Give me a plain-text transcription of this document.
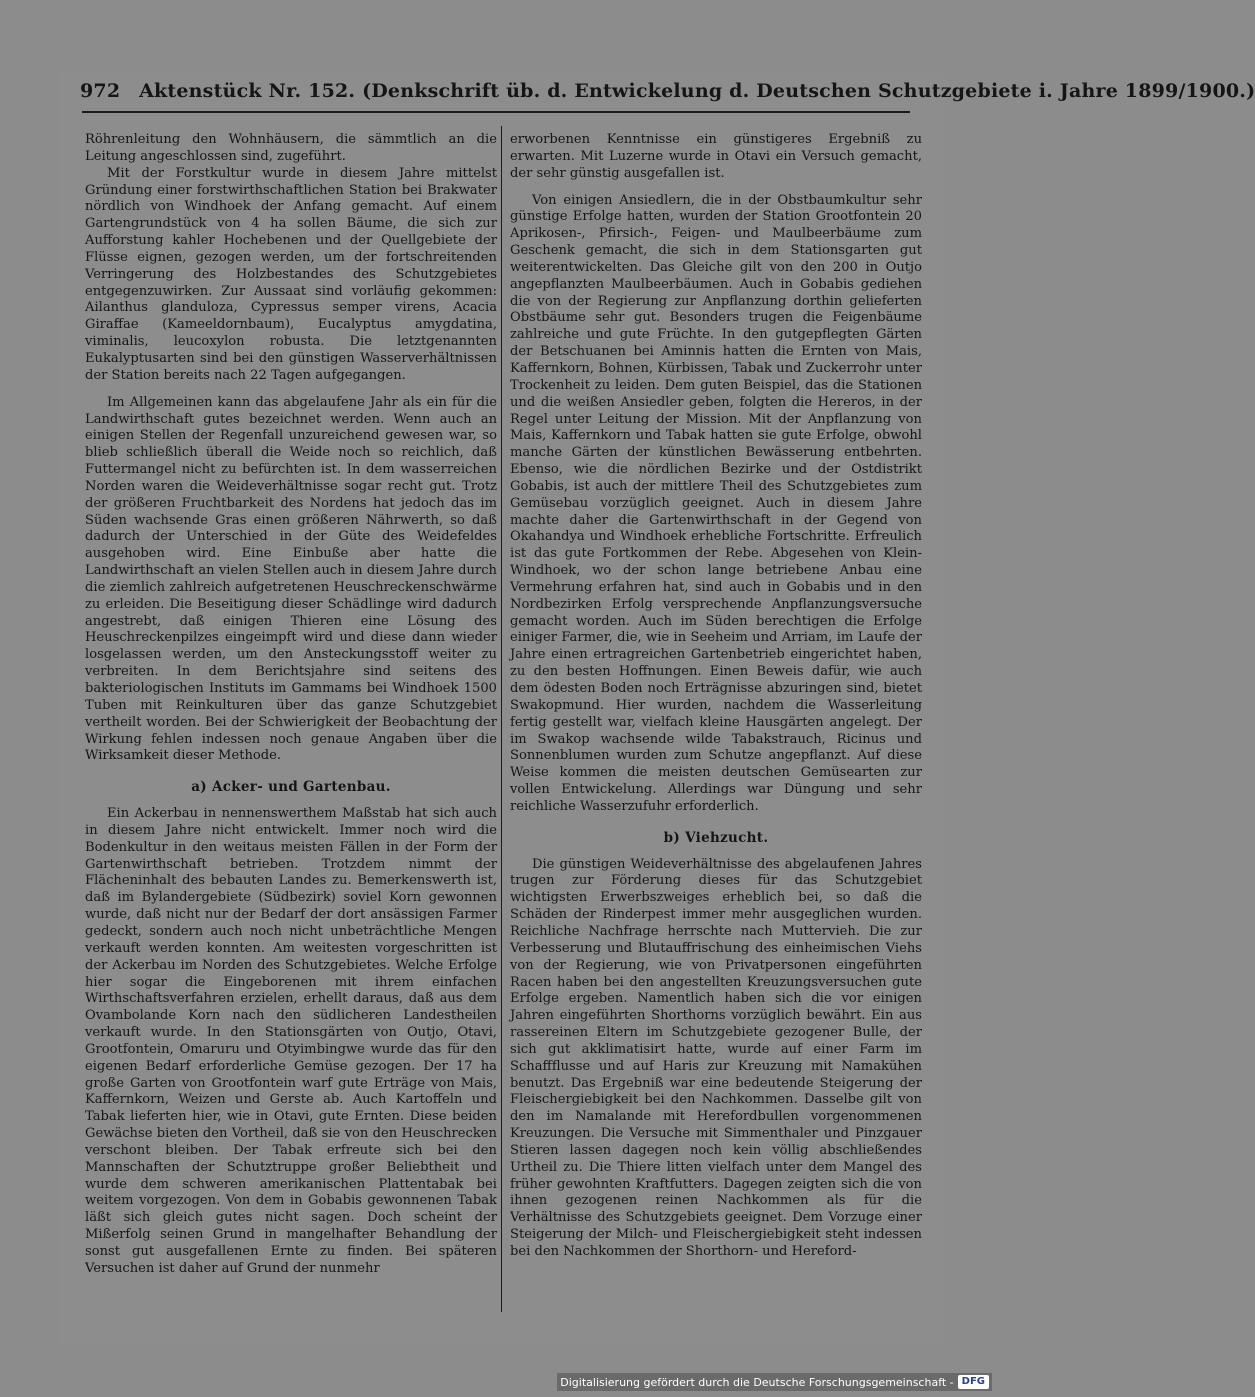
972 Aktenstück Nr. 152. (Denkschrift üb. d. Entwickelung d. Deutschen Schutzgebiete i. Jahre 1899/1900.)

Röhrenleitung den Wohnhäusern, die sämmtlich an die Leitung angeschlossen sind, zugeführt.

Mit der Forstkultur wurde in diesem Jahre mittelst Gründung einer forstwirthschaftlichen Station bei Brakwater nördlich von Windhoek der Anfang gemacht. Auf einem Gartengrundstück von 4 ha sollen Bäume, die sich zur Aufforstung kahler Hochebenen und der Quellgebiete der Flüsse eignen, gezogen werden, um der fortschreitenden Verringerung des Holzbestandes des Schutzgebietes entgegenzuwirken. Zur Aussaat sind vorläufig gekommen: Ailanthus glanduloza, Cypressus semper virens, Acacia Giraffae (Kameeldornbaum), Eucalyptus amygdatina, viminalis, leucoxylon robusta. Die letztgenannten Eukalyptusarten sind bei den günstigen Wasserverhältnissen der Station bereits nach 22 Tagen aufgegangen.

Im Allgemeinen kann das abgelaufene Jahr als ein für die Landwirthschaft gutes bezeichnet werden. Wenn auch an einigen Stellen der Regenfall unzureichend gewesen war, so blieb schließlich überall die Weide noch so reichlich, daß Futtermangel nicht zu befürchten ist. In dem wasserreichen Norden waren die Weideverhältnisse sogar recht gut. Trotz der größeren Fruchtbarkeit des Nordens hat jedoch das im Süden wachsende Gras einen größeren Nährwerth, so daß dadurch der Unterschied in der Güte des Weidefeldes ausgehoben wird. Eine Einbuße aber hatte die Landwirthschaft an vielen Stellen auch in diesem Jahre durch die ziemlich zahlreich aufgetretenen Heuschreckenschwärme zu erleiden. Die Beseitigung dieser Schädlinge wird dadurch angestrebt, daß einigen Thieren eine Lösung des Heuschreckenpilzes eingeimpft wird und diese dann wieder losgelassen werden, um den Ansteckungsstoff weiter zu verbreiten. In dem Berichtsjahre sind seitens des bakteriologischen Instituts im Gammams bei Windhoek 1500 Tuben mit Reinkulturen über das ganze Schutzgebiet vertheilt worden. Bei der Schwierigkeit der Beobachtung der Wirkung fehlen indessen noch genaue Angaben über die Wirksamkeit dieser Methode.

a) Acker- und Gartenbau.

Ein Ackerbau in nennenswerthem Maßstab hat sich auch in diesem Jahre nicht entwickelt. Immer noch wird die Bodenkultur in den weitaus meisten Fällen in der Form der Gartenwirthschaft betrieben. Trotzdem nimmt der Flächeninhalt des bebauten Landes zu. Bemerkenswerth ist, daß im Bylandergebiete (Südbezirk) soviel Korn gewonnen wurde, daß nicht nur der Bedarf der dort ansässigen Farmer gedeckt, sondern auch noch nicht unbeträchtliche Mengen verkauft werden konnten. Am weitesten vorgeschritten ist der Ackerbau im Norden des Schutzgebietes. Welche Erfolge hier sogar die Eingeborenen mit ihrem einfachen Wirthschaftsverfahren erzielen, erhellt daraus, daß aus dem Ovambolande Korn nach den südlicheren Landestheilen verkauft wurde. In den Stationsgärten von Outjo, Otavi, Grootfontein, Omaruru und Otyimbingwe wurde das für den eigenen Bedarf erforderliche Gemüse gezogen. Der 17 ha große Garten von Grootfontein warf gute Erträge von Mais, Kaffernkorn, Weizen und Gerste ab. Auch Kartoffeln und Tabak lieferten hier, wie in Otavi, gute Ernten. Diese beiden Gewächse bieten den Vortheil, daß sie von den Heuschrecken verschont bleiben. Der Tabak erfreute sich bei den Mannschaften der Schutztruppe großer Beliebtheit und wurde dem schweren amerikanischen Plattentabak bei weitem vorgezogen. Von dem in Gobabis gewonnenen Tabak läßt sich gleich gutes nicht sagen. Doch scheint der Mißerfolg seinen Grund in mangelhafter Behandlung der sonst gut ausgefallenen Ernte zu finden. Bei späteren Versuchen ist daher auf Grund der nunmehr

erworbenen Kenntnisse ein günstigeres Ergebniß zu erwarten. Mit Luzerne wurde in Otavi ein Versuch gemacht, der sehr günstig ausgefallen ist.

Von einigen Ansiedlern, die in der Obstbaumkultur sehr günstige Erfolge hatten, wurden der Station Grootfontein 20 Aprikosen-, Pfirsich-, Feigen- und Maulbeerbäume zum Geschenk gemacht, die sich in dem Stationsgarten gut weiterentwickelten. Das Gleiche gilt von den 200 in Outjo angepflanzten Maulbeerbäumen. Auch in Gobabis gediehen die von der Regierung zur Anpflanzung dorthin gelieferten Obstbäume sehr gut. Besonders trugen die Feigenbäume zahlreiche und gute Früchte. In den gutgepflegten Gärten der Betschuanen bei Aminnis hatten die Ernten von Mais, Kaffernkorn, Bohnen, Kürbissen, Tabak und Zuckerrohr unter Trockenheit zu leiden. Dem guten Beispiel, das die Stationen und die weißen Ansiedler geben, folgten die Hereros, in der Regel unter Leitung der Mission. Mit der Anpflanzung von Mais, Kaffernkorn und Tabak hatten sie gute Erfolge, obwohl manche Gärten der künstlichen Bewässerung entbehrten. Ebenso, wie die nördlichen Bezirke und der Ostdistrikt Gobabis, ist auch der mittlere Theil des Schutzgebietes zum Gemüsebau vorzüglich geeignet. Auch in diesem Jahre machte daher die Gartenwirthschaft in der Gegend von Okahandya und Windhoek erhebliche Fortschritte. Erfreulich ist das gute Fortkommen der Rebe. Abgesehen von Klein-Windhoek, wo der schon lange betriebene Anbau eine Vermehrung erfahren hat, sind auch in Gobabis und in den Nordbezirken Erfolg versprechende Anpflanzungsversuche gemacht worden. Auch im Süden berechtigen die Erfolge einiger Farmer, die, wie in Seeheim und Arriam, im Laufe der Jahre einen ertragreichen Gartenbetrieb eingerichtet haben, zu den besten Hoffnungen. Einen Beweis dafür, wie auch dem ödesten Boden noch Erträgnisse abzuringen sind, bietet Swakopmund. Hier wurden, nachdem die Wasserleitung fertig gestellt war, vielfach kleine Hausgärten angelegt. Der im Swakop wachsende wilde Tabakstrauch, Ricinus und Sonnenblumen wurden zum Schutze angepflanzt. Auf diese Weise kommen die meisten deutschen Gemüsearten zur vollen Entwickelung. Allerdings war Düngung und sehr reichliche Wasserzufuhr erforderlich.

b) Viehzucht.

Die günstigen Weideverhältnisse des abgelaufenen Jahres trugen zur Förderung dieses für das Schutzgebiet wichtigsten Erwerbszweiges erheblich bei, so daß die Schäden der Rinderpest immer mehr ausgeglichen wurden. Reichliche Nachfrage herrschte nach Muttervieh. Die zur Verbesserung und Blutauffrischung des einheimischen Viehs von der Regierung, wie von Privatpersonen eingeführten Racen haben bei den angestellten Kreuzungsversuchen gute Erfolge ergeben. Namentlich haben sich die vor einigen Jahren eingeführten Shorthorns vorzüglich bewährt. Ein aus rassereinen Eltern im Schutzgebiete gezogener Bulle, der sich gut akklimatisirt hatte, wurde auf einer Farm im Schaffflusse und auf Haris zur Kreuzung mit Namakühen benutzt. Das Ergebniß war eine bedeutende Steigerung der Fleischergiebigkeit bei den Nachkommen. Dasselbe gilt von den im Namalande mit Herefordbullen vorgenommenen Kreuzungen. Die Versuche mit Simmenthaler und Pinzgauer Stieren lassen dagegen noch kein völlig abschließendes Urtheil zu. Die Thiere litten vielfach unter dem Mangel des früher gewohnten Kraftfutters. Dagegen zeigten sich die von ihnen gezogenen reinen Nachkommen als für die Verhältnisse des Schutzgebiets geeignet. Dem Vorzuge einer Steigerung der Milch- und Fleischergiebigkeit steht indessen bei den Nachkommen der Shorthorn- und Hereford-

Digitalisierung gefördert durch die Deutsche Forschungsgemeinschaft - DFG
